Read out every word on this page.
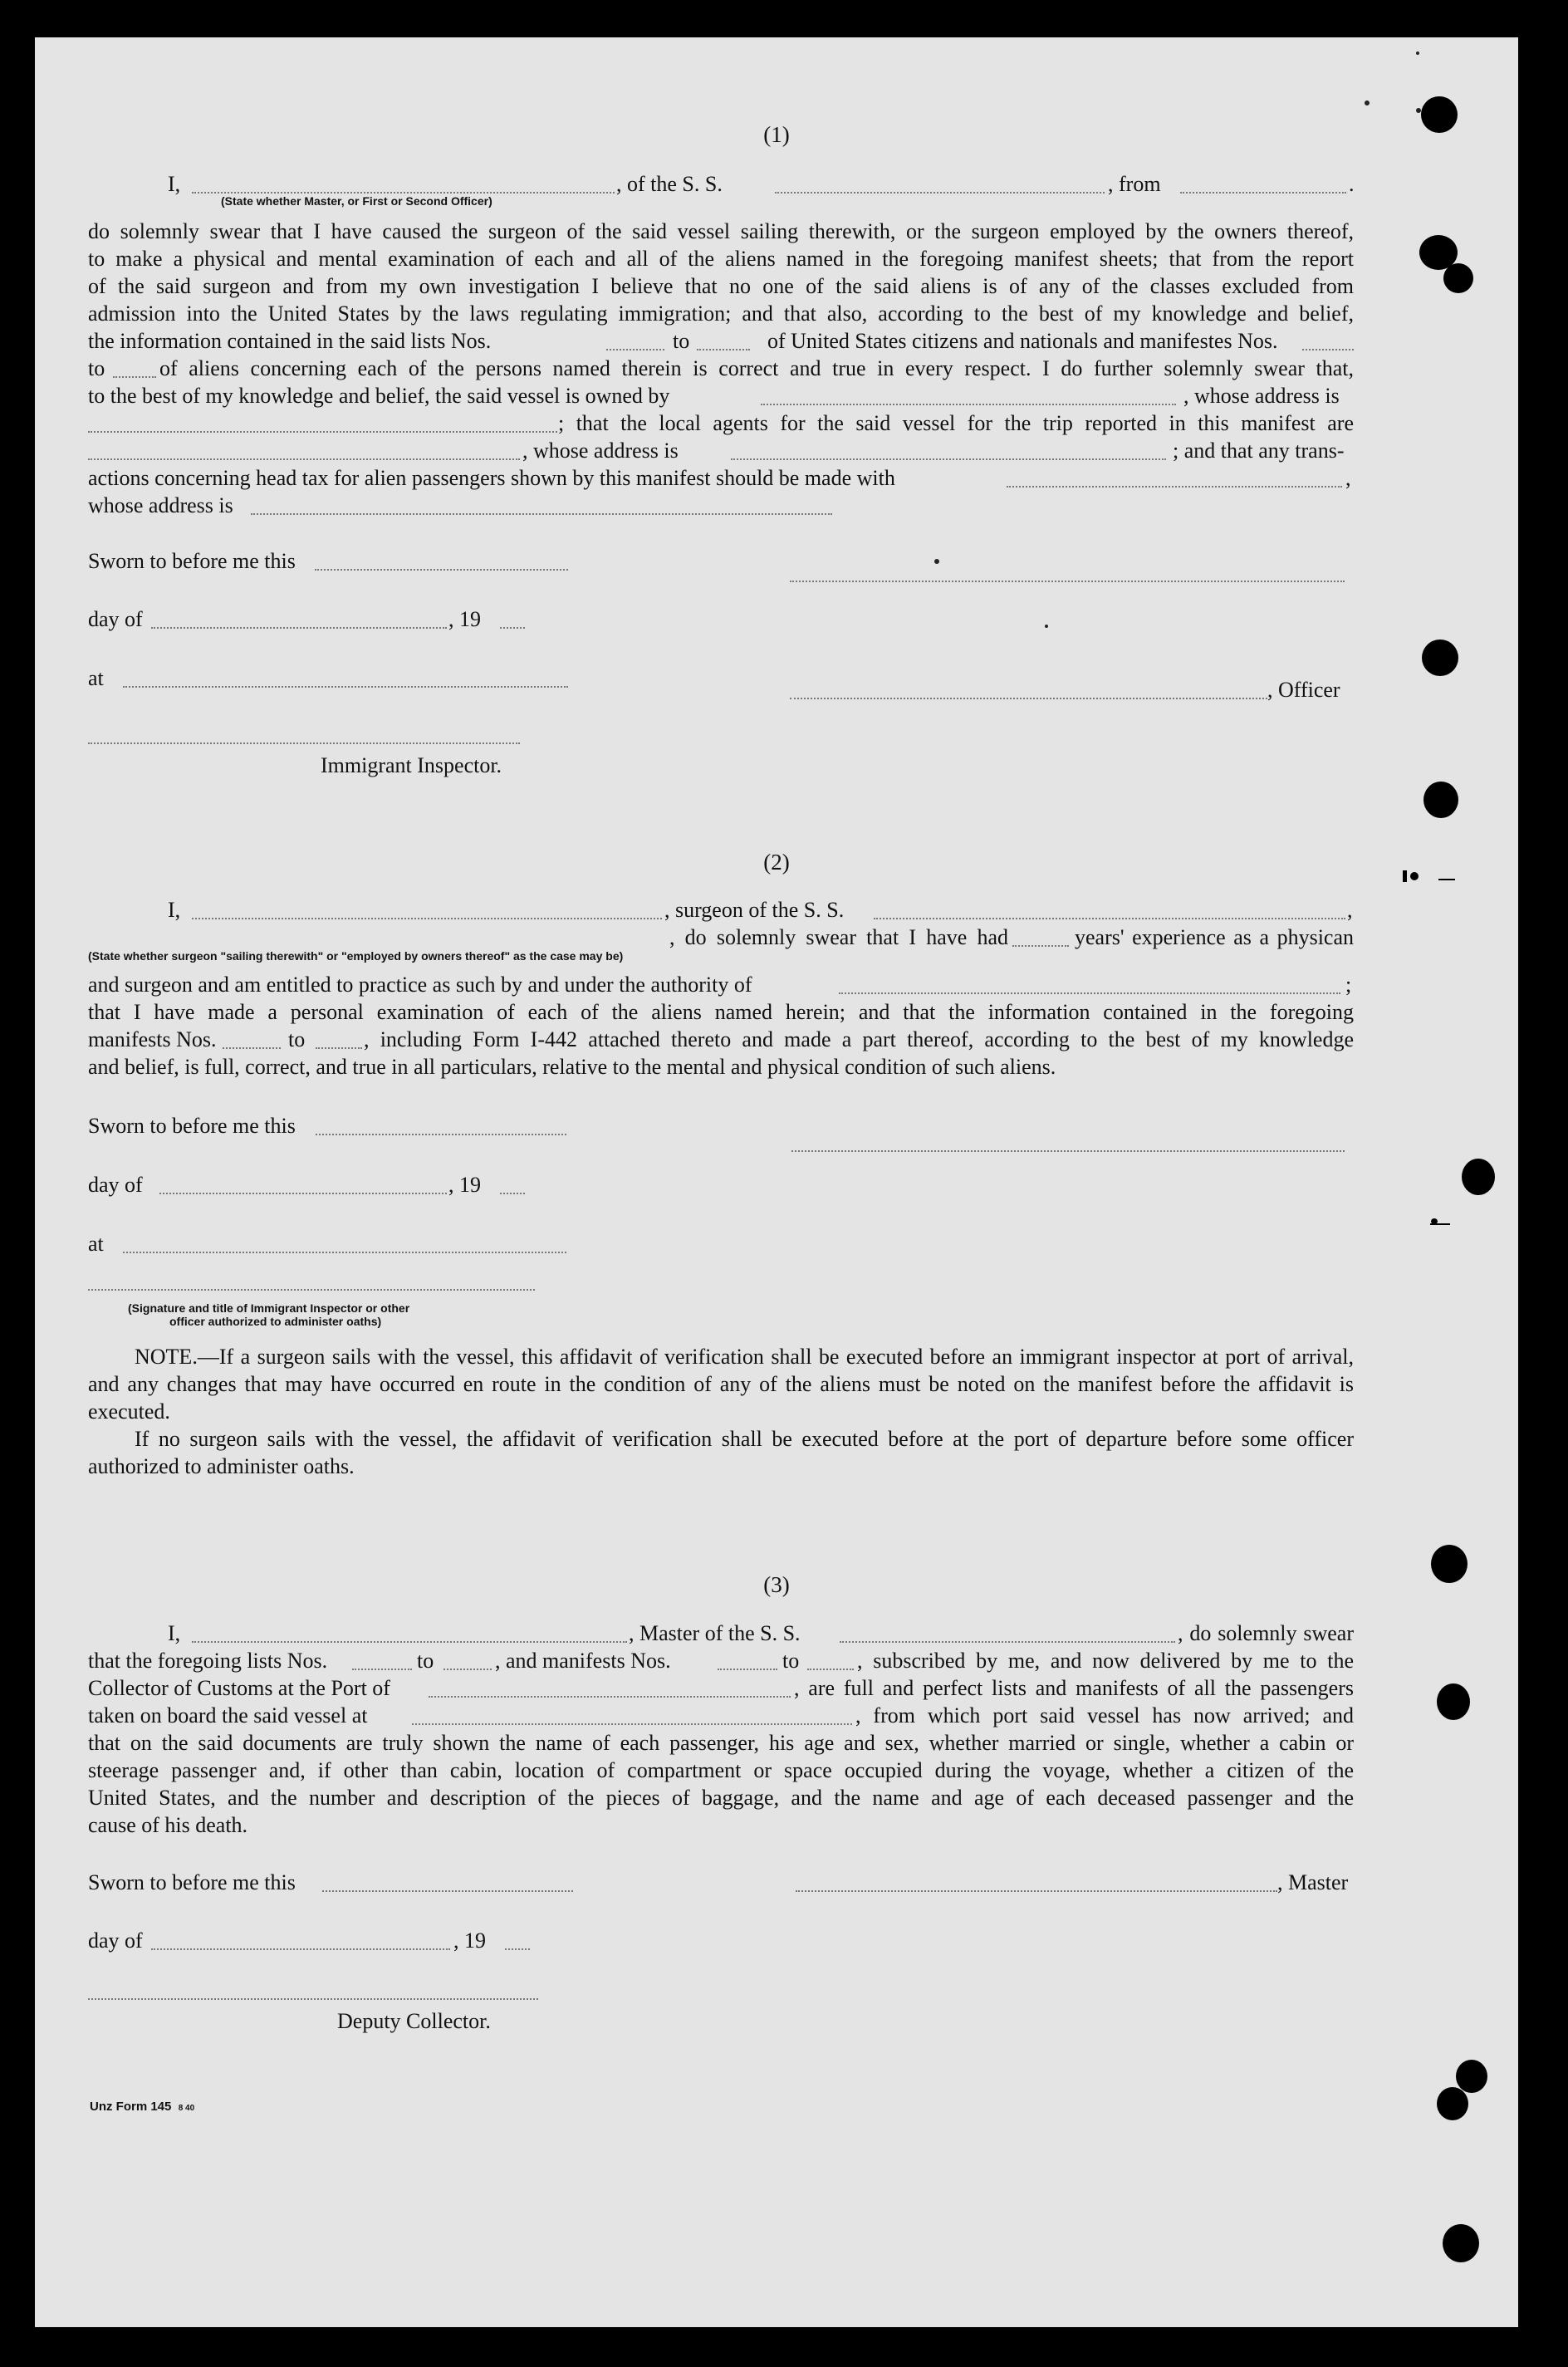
(1)
I,	, of the S. S.	, from	.
(State whether Master, or First or Second Officer)
do solemnly swear that I have caused the surgeon of the said vessel sailing therewith, or the surgeon employed by the owners thereof,
to make a physical and mental examination of each and all of the aliens named in the foregoing manifest sheets; that from the report
of the said surgeon and from my own investigation I believe that no one of the said aliens is of any of the classes excluded from
admission into the United States by the laws regulating immigration; and that also, according to the best of my knowledge and belief,
the information contained in the said lists Nos.	to	of United States citizens and nationals and manifestes Nos.
to	of aliens concerning each of the persons named therein is correct and true in every respect. I do further solemnly swear that,
to the best of my knowledge and belief, the said vessel is owned by	, whose address is
; that the local agents for the said vessel for the trip reported in this manifest are
, whose address is	; and that any trans-
actions concerning head tax for alien passengers shown by this manifest should be made with	,
whose address is
Sworn to before me this
day of	, 19
at	, Officer
Immigrant Inspector.
(2)
I,	, surgeon of the S. S.	,
, do solemnly swear that I have had	years' experience as a physican
(State whether surgeon "sailing therewith" or "employed by owners thereof" as the case may be)
and surgeon and am entitled to practice as such by and under the authority of	;
that I have made a personal examination of each of the aliens named herein; and that the information contained in the foregoing
manifests Nos.	to	, including Form I-442 attached thereto and made a part thereof, according to the best of my knowledge
and belief, is full, correct, and true in all particulars, relative to the mental and physical condition of such aliens.
Sworn to before me this
day of	, 19
at
(Signature and title of Immigrant Inspector or other
officer authorized to administer oaths)

NOTE.—If a surgeon sails with the vessel, this affidavit of verification shall be executed before an immigrant inspector at port of arrival, and any changes that may have occurred en route in the condition of any of the aliens must be noted on the manifest before the affidavit is executed.

If no surgeon sails with the vessel, the affidavit of verification shall be executed before at the port of departure before some officer authorized to administer oaths.

(3)
I,	, Master of the S. S.	, do solemnly swear
that the foregoing lists Nos.	to	, and manifests Nos.	to	, subscribed by me, and now delivered by me to the
Collector of Customs at the Port of	, are full and perfect lists and manifests of all the passengers
taken on board the said vessel at	, from which port said vessel has now arrived; and
that on the said documents are truly shown the name of each passenger, his age and sex, whether married or single, whether a cabin or
steerage passenger and, if other than cabin, location of compartment or space occupied during the voyage, whether a citizen of the
United States, and the number and description of the pieces of baggage, and the name and age of each deceased passenger and the
cause of his death.
Sworn to before me this	, Master
day of	, 19
Deputy Collector.
Unz Form 145 8 40
